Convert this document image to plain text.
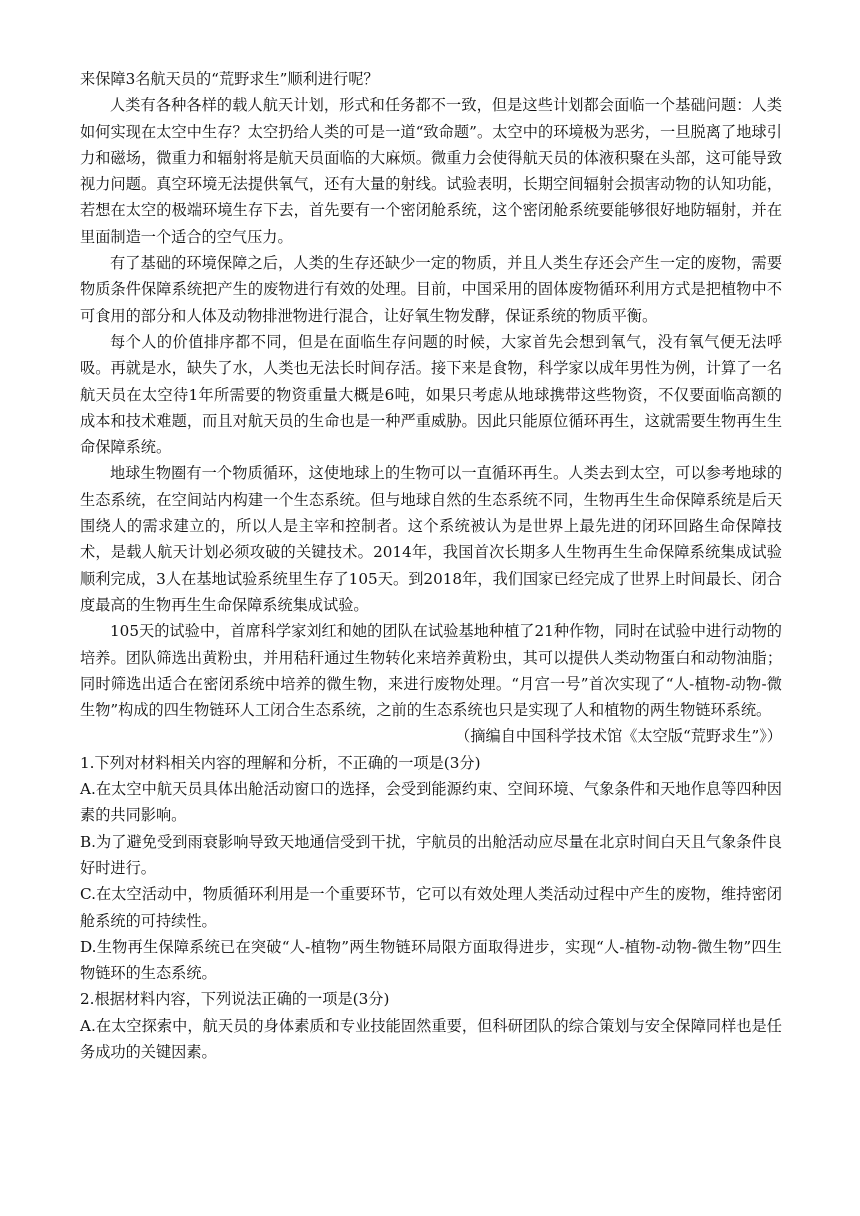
来保障3名航天员的“荒野求生”顺利进行呢？

人类有各种各样的载人航天计划，形式和任务都不一致，但是这些计划都会面临一个基础问题：人类如何实现在太空中生存？太空扔给人类的可是一道“致命题”。太空中的环境极为恶劣，一旦脱离了地球引力和磁场，微重力和辐射将是航天员面临的大麻烦。微重力会使得航天员的体液积聚在头部，这可能导致视力问题。真空环境无法提供氧气，还有大量的射线。试验表明，长期空间辐射会损害动物的认知功能，若想在太空的极端环境生存下去，首先要有一个密闭舱系统，这个密闭舱系统要能够很好地防辐射，并在里面制造一个适合的空气压力。

有了基础的环境保障之后，人类的生存还缺少一定的物质，并且人类生存还会产生一定的废物，需要物质条件保障系统把产生的废物进行有效的处理。目前，中国采用的固体废物循环利用方式是把植物中不可食用的部分和人体及动物排泄物进行混合，让好氧生物发酵，保证系统的物质平衡。

每个人的价值排序都不同，但是在面临生存问题的时候，大家首先会想到氧气，没有氧气便无法呼吸。再就是水，缺失了水，人类也无法长时间存活。接下来是食物，科学家以成年男性为例，计算了一名航天员在太空待1年所需要的物资重量大概是6吨，如果只考虑从地球携带这些物资，不仅要面临高额的成本和技术难题，而且对航天员的生命也是一种严重威胁。因此只能原位循环再生，这就需要生物再生生命保障系统。

地球生物圈有一个物质循环，这使地球上的生物可以一直循环再生。人类去到太空，可以参考地球的生态系统，在空间站内构建一个生态系统。但与地球自然的生态系统不同，生物再生生命保障系统是后天围绕人的需求建立的，所以人是主宰和控制者。这个系统被认为是世界上最先进的闭环回路生命保障技术，是载人航天计划必须攻破的关键技术。2014年，我国首次长期多人生物再生生命保障系统集成试验顺利完成，3人在基地试验系统里生存了105天。到2018年，我们国家已经完成了世界上时间最长、闭合度最高的生物再生生命保障系统集成试验。

105天的试验中，首席科学家刘红和她的团队在试验基地种植了21种作物，同时在试验中进行动物的培养。团队筛选出黄粉虫，并用秸秆通过生物转化来培养黄粉虫，其可以提供人类动物蛋白和动物油脂；同时筛选出适合在密闭系统中培养的微生物，来进行废物处理。“月宫一号”首次实现了“人-植物-动物-微生物”构成的四生物链环人工闭合生态系统，之前的生态系统也只是实现了人和植物的两生物链环系统。

（摘编自中国科学技术馆《太空版“荒野求生”》）

1.下列对材料相关内容的理解和分析，不正确的一项是(3分)

A.在太空中航天员具体出舱活动窗口的选择，会受到能源约束、空间环境、气象条件和天地作息等四种因素的共同影响。

B.为了避免受到雨衰影响导致天地通信受到干扰，宇航员的出舱活动应尽量在北京时间白天且气象条件良好时进行。

C.在太空活动中，物质循环利用是一个重要环节，它可以有效处理人类活动过程中产生的废物，维持密闭舱系统的可持续性。

D.生物再生保障系统已在突破“人-植物”两生物链环局限方面取得进步，实现“人-植物-动物-微生物”四生物链环的生态系统。

2.根据材料内容，下列说法正确的一项是(3分)

A.在太空探索中，航天员的身体素质和专业技能固然重要，但科研团队的综合策划与安全保障同样也是任务成功的关键因素。
